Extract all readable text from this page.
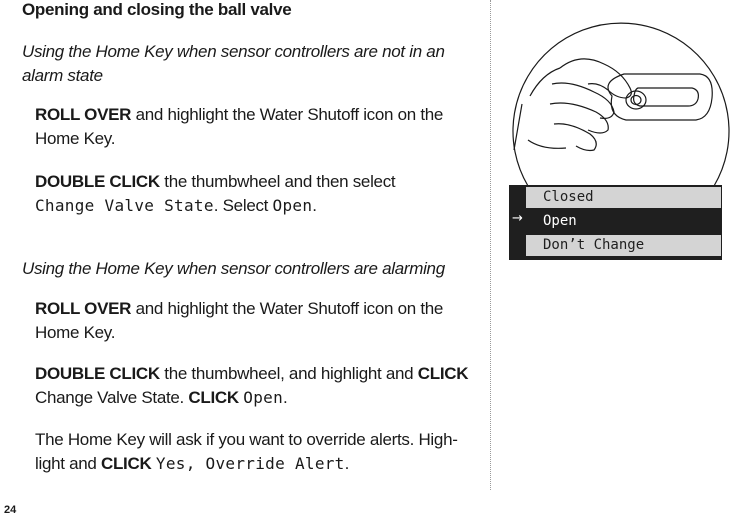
Opening and closing the ball valve
Using the Home Key when sensor controllers are not in an alarm state
ROLL OVER and highlight the Water Shutoff icon on the Home Key.
DOUBLE CLICK the thumbwheel and then select
Change Valve State. Select Open.
Using the Home Key when sensor controllers are alarming
ROLL OVER and highlight the Water Shutoff icon on the Home Key.
DOUBLE CLICK the thumbwheel, and highlight and CLICK Change Valve State. CLICK Open.
The Home Key will ask if you want to override alerts. High-light and CLICK Yes, Override Alert.
24
Closed
Open
Don’t Change
→
